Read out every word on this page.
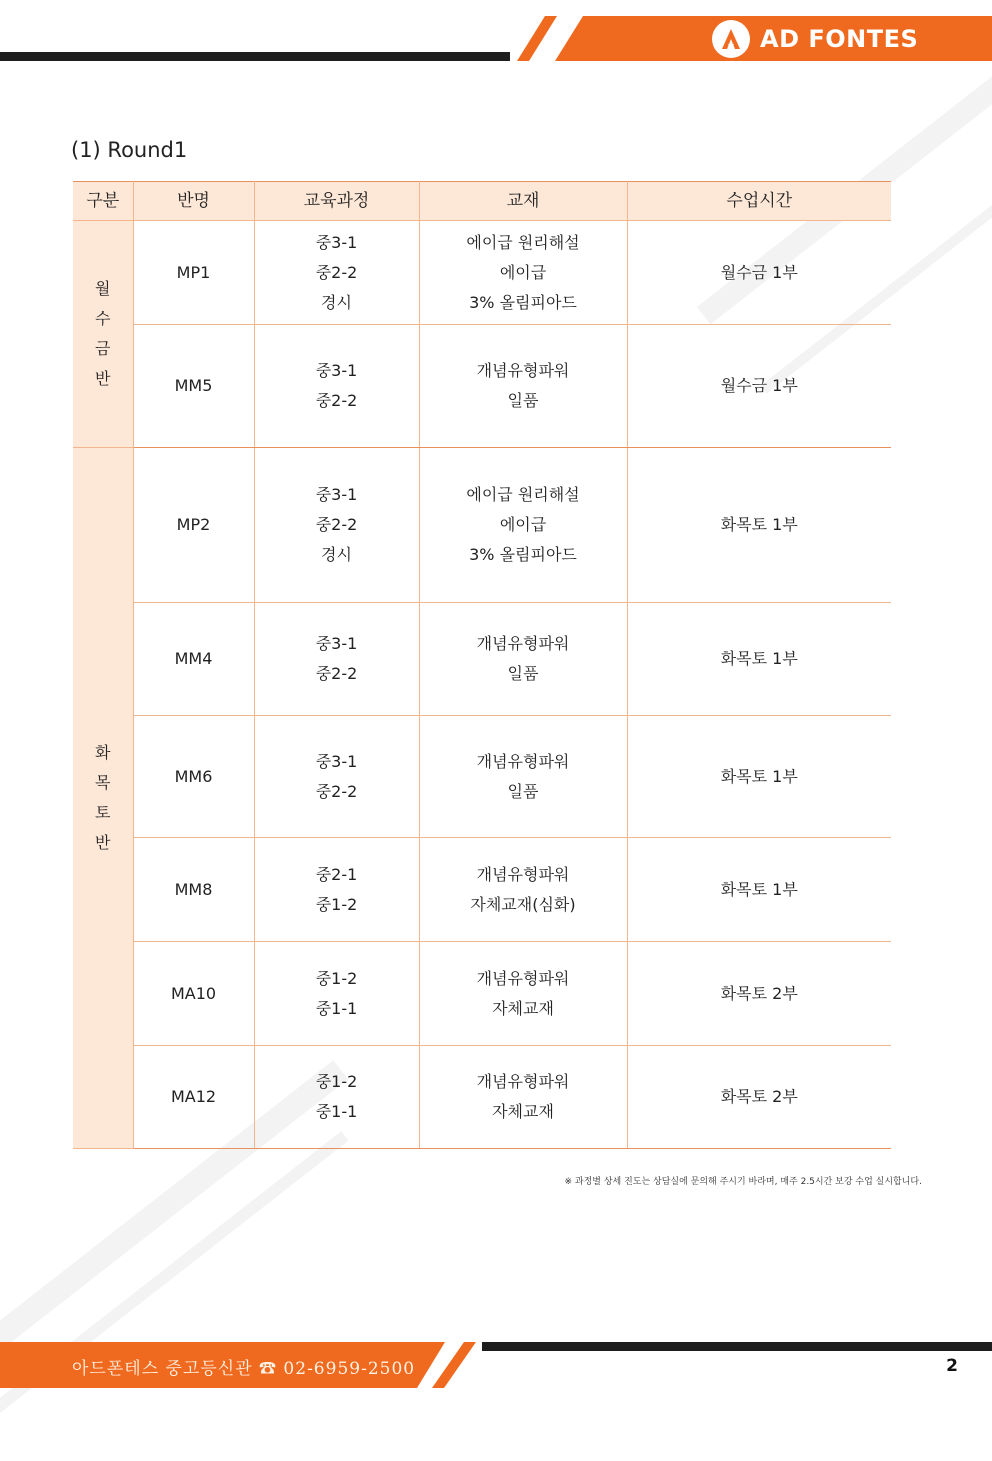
AD FONTES
(1) Round1
구분	반명	교육과정	교재	수업시간
월수금반	MP1	중3-1
중2-2
경시	에이급 원리해설
에이급
3% 올림피아드	월수금 1부
	MM5	중3-1
중2-2	개념유형파워
일품	월수금 1부
화목토반	MP2	중3-1
중2-2
경시	에이급 원리해설
에이급
3% 올림피아드	화목토 1부
	MM4	중3-1
중2-2	개념유형파워
일품	화목토 1부
	MM6	중3-1
중2-2	개념유형파워
일품	화목토 1부
	MM8	중2-1
중1-2	개념유형파워
자체교재(심화)	화목토 1부
	MA10	중1-2
중1-1	개념유형파워
자체교재	화목토 2부
	MA12	중1-2
중1-1	개념유형파워
자체교재	화목토 2부
※ 과정별 상세 진도는 상담실에 문의해 주시기 바라며, 매주 2.5시간 보강 수업 실시합니다.
아드폰테스 중고등신관 ☎ 02-6959-2500	2
